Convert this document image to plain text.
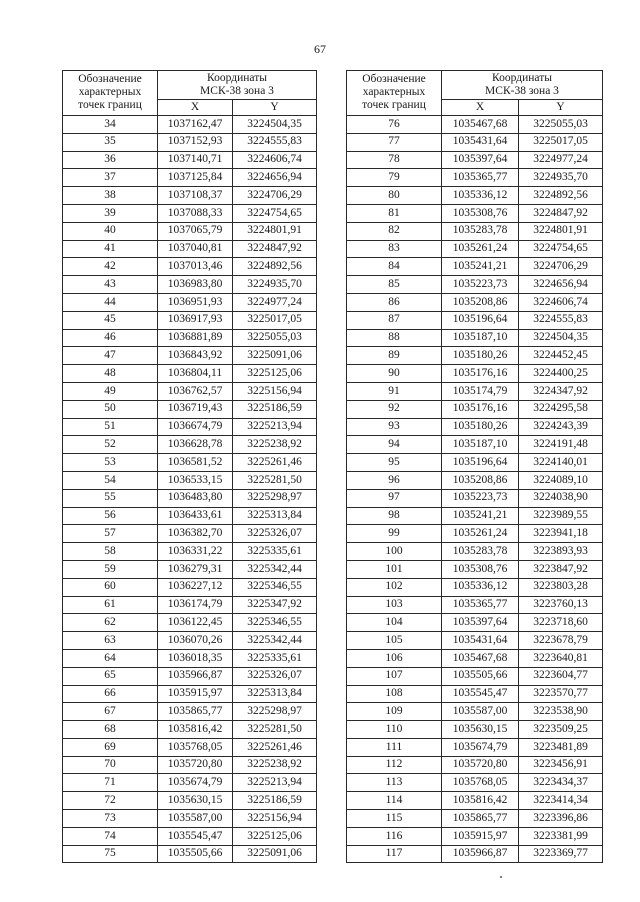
67
Обозначение
характерных
точек границ	Координаты
МСК-38 зона 3	

	X	Y
34	1037162,47	3224504,35
35	1037152,93	3224555,83
36	1037140,71	3224606,74
37	1037125,84	3224656,94
38	1037108,37	3224706,29
39	1037088,33	3224754,65
40	1037065,79	3224801,91
41	1037040,81	3224847,92
42	1037013,46	3224892,56
43	1036983,80	3224935,70
44	1036951,93	3224977,24
45	1036917,93	3225017,05
46	1036881,89	3225055,03
47	1036843,92	3225091,06
48	1036804,11	3225125,06
49	1036762,57	3225156,94
50	1036719,43	3225186,59
51	1036674,79	3225213,94
52	1036628,78	3225238,92
53	1036581,52	3225261,46
54	1036533,15	3225281,50
55	1036483,80	3225298,97
56	1036433,61	3225313,84
57	1036382,70	3225326,07
58	1036331,22	3225335,61
59	1036279,31	3225342,44
60	1036227,12	3225346,55
61	1036174,79	3225347,92
62	1036122,45	3225346,55
63	1036070,26	3225342,44
64	1036018,35	3225335,61
65	1035966,87	3225326,07
66	1035915,97	3225313,84
67	1035865,77	3225298,97
68	1035816,42	3225281,50
69	1035768,05	3225261,46
70	1035720,80	3225238,92
71	1035674,79	3225213,94
72	1035630,15	3225186,59
73	1035587,00	3225156,94
74	1035545,47	3225125,06
75	1035505,66	3225091,06
Обозначение
характерных
точек границ	Координаты
МСК-38 зона 3	

	X	Y
76	1035467,68	3225055,03
77	1035431,64	3225017,05
78	1035397,64	3224977,24
79	1035365,77	3224935,70
80	1035336,12	3224892,56
81	1035308,76	3224847,92
82	1035283,78	3224801,91
83	1035261,24	3224754,65
84	1035241,21	3224706,29
85	1035223,73	3224656,94
86	1035208,86	3224606,74
87	1035196,64	3224555,83
88	1035187,10	3224504,35
89	1035180,26	3224452,45
90	1035176,16	3224400,25
91	1035174,79	3224347,92
92	1035176,16	3224295,58
93	1035180,26	3224243,39
94	1035187,10	3224191,48
95	1035196,64	3224140,01
96	1035208,86	3224089,10
97	1035223,73	3224038,90
98	1035241,21	3223989,55
99	1035261,24	3223941,18
100	1035283,78	3223893,93
101	1035308,76	3223847,92
102	1035336,12	3223803,28
103	1035365,77	3223760,13
104	1035397,64	3223718,60
105	1035431,64	3223678,79
106	1035467,68	3223640,81
107	1035505,66	3223604,77
108	1035545,47	3223570,77
109	1035587,00	3223538,90
110	1035630,15	3223509,25
111	1035674,79	3223481,89
112	1035720,80	3223456,91
113	1035768,05	3223434,37
114	1035816,42	3223414,34
115	1035865,77	3223396,86
116	1035915,97	3223381,99
117	1035966,87	3223369,77
